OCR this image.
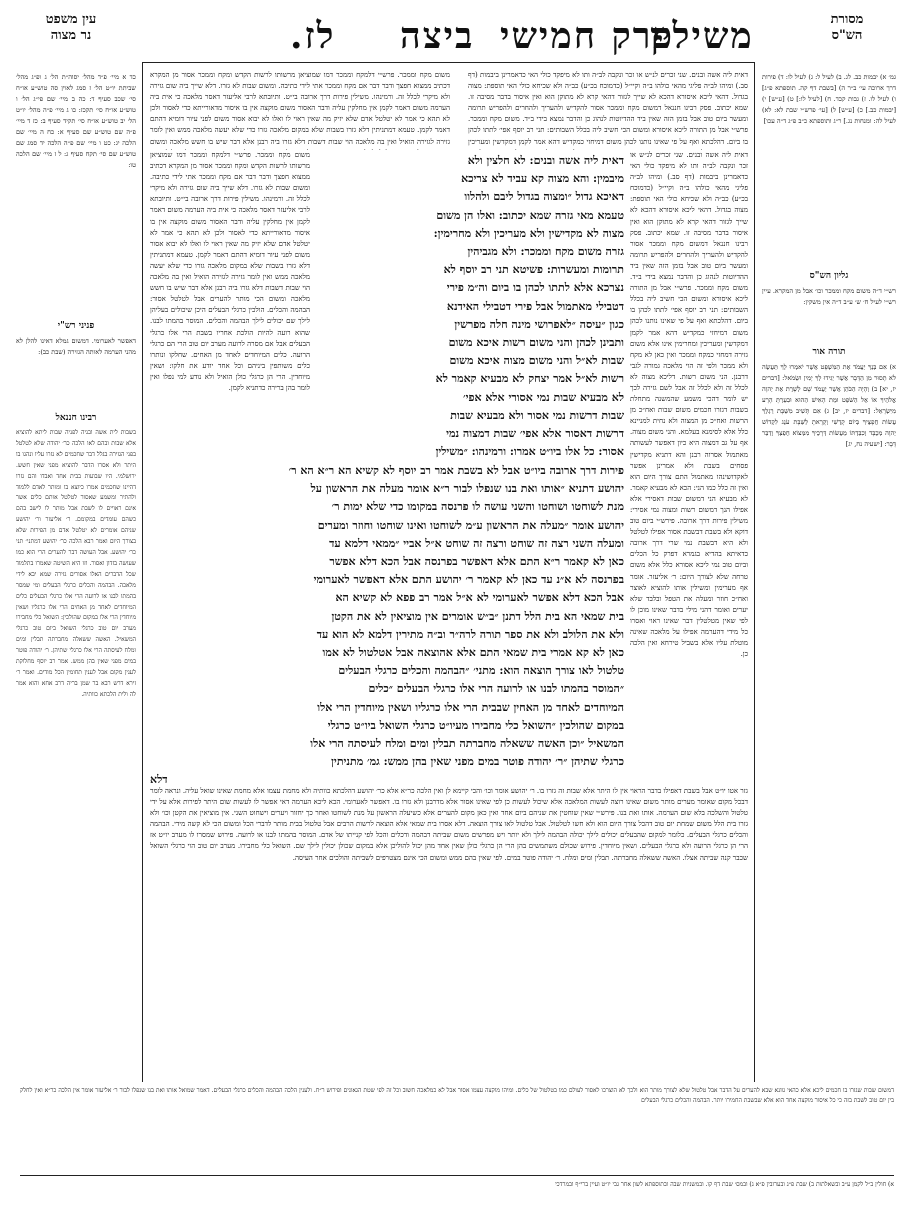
עין משפט
נר מצוה
מסורת
הש"ס
לז. ביצה פרק חמישי
משילין
גמ׳ א) יבמות כב. לג. ב) לעיל ל: ג) לעיל לו: ד) פירות דרך ארוכה עי׳ ב״ר ה) [בשבת דף קה. תוספתא פ״ג] ו) לעיל לו. ז) גבות קכד. ח) [לעיל לו:] ט) [ע״ש] י) [יבמות כב.] כ) [ע״ש] ל) [עי׳ פרש״י שבת לא: לא) לעיל לה: ומנחות נג.] ר״ג ותוספתא כ״ב פ״ג ד״ה עכו]
גליון הש"ס
רש״י ד״ה משום מקח וממכר וכו׳ אבל מן המקרא. עיין רש״י לעיל ח׳ ש׳ ע״ב ד״ה אין משקין:
תורה אור
א) אִם בְּנְךָ יַעֲמֹד אֶת הַמִּשְׁפָּט אֲשֶׁר יֹאמְרוּ לְךָ תַּעֲשֶׂה לֹא תָסוּר מִן הַדָּבָר אֲשֶׁר יַגִּידוּ לְךָ יָמִין וּשְׂמֹאל: [דברים יז, יא] ב) וְהָיָה הַכֹּהֵן אֲשֶׁר יַעֲמֹד שָׁם לְשָׁרֶת אֶת יְהוָה אֱלֹהֶיךָ אוֹ אֶל הַשֹּׁפֵט וּמֵת הָאִישׁ הַהוּא וּבִעַרְתָּ הָרָע מִיִּשְׂרָאֵל: [דברים יז, יב] ג) אִם תָּשִׁיב מִשַּׁבָּת רַגְלֶךָ עֲשׂוֹת חֲפָצֶיךָ בְּיוֹם קָדְשִׁי וְקָרָאתָ לַשַּׁבָּת עֹנֶג לִקְדוֹשׁ יְהוָה מְכֻבָּד וְכִבַּדְתּוֹ מֵעֲשׂוֹת דְּרָכֶיךָ מִמְּצוֹא חֶפְצְךָ וְדַבֵּר דָּבָר: [ישעיה נח, יג]
כד א מיי׳ פ״ד מהל׳ יסוה״ת הל׳ ג ופ״ג מהל׳ שביתת יו״ט הל׳ ז סמג לאוין סה טוש״ע או״ח סי׳ שכב סעיף ד: כה ב מיי׳ שם פי״ג הל׳ ו טוש״ע או״ח סי׳ תקכז: כו ג מיי׳ פ״ה מהל׳ יו״ט הל׳ יב טוש״ע או״ח סי׳ תקיד סעיף ב: כז ד מיי׳ פ״ה שם טוש״ע שם סעיף א: כח ה מיי׳ שם הלכה יג: כט ו מיי׳ שם פ״ה הלכה יד סמג שם טוש״ע שם סי׳ תקח סעיף ג: ל ז מיי׳ שם הלכה טו:
פניני רש"י
דאפשר לאערומי. דמשום גמלא דאינו להלן לא מהני הערמה לאותה הגזירה (שבת כב):
רבינו חננאל
בשבות לית אשה ובניה לפניה שבות ליתא להוציא אלא שבות ובהם לאו הלכה כר׳ יהודה שלא לטלטל בפני הגזירה בגלל דבר שחכמים לא גזרו עליו ונהגו בו היתר ולא אסרו הדבר להוציא מפני שאין חשש. ירושלמי. היו שבועות בבית אחד ואבדו והם גזרו דהיינו שחכמים אמרו כיוצא בו ומותר לאדם ללמוד ולהתיר ומשמע שאסור לטלטל אותם כלים אשר אינם ראויים לו לשבת אבל מותר לו לישב בהם כשהם עומדים במקומם. ר׳ אליעזר ור׳ יהושע שניהם אומרים לא יטלטל אדם מן הפירות שלא בצורך היום ואמר רבא הלכה כר׳ יהושע דמתני׳ תני כר׳ יהושע. אבל העושה דבר להערים הרי הוא כמו שעושה בזדון ואסור. וזו היא השיטה שאמרו בתלמוד שכל הדברים האלו אסורים גזירה שמא יבא לידי מלאכה. הבהמה והכלים כרגלי הבעלים ומי שמסר בהמתו לבנו או לרועה הרי אלו כרגלי הבעלים כלים המיוחדים לאחד מן האחים הרי אלו כרגליו ושאין מיוחדין הרי אלו במקום שהולכין: השואל כלי מחבירו מערב יום טוב כרגלי השואל ביום טוב כרגלי המשאיל. האשה ששאלה מחברתה תבלין ומים ומלח לעיסתה הרי אלו כרגלי שתיהן. ר׳ יהודה פוטר במים מפני שאין בהן ממש. אמר רב יוסף מחלוקת לענין מקום אבל לענין תחומין הכל מודים. ואמר ר׳ זירא דרש רבא בר שמן בריה דרב אחא והוא אמר לה ולית הלכתא כוותיה.
דאית ליה אשה ובנים. שני זכרים לנ״ש או זכר ונקבה לב״ה ותו לא מיפקד כולי האי כדאמרינן ביבמות (דף סב.) ומיהו לב״ה פליגי מהאי כולהו ב״ה וקיי״ל (כדמוכח בכ״ע) כב״ה ולא שכיחא כולי האי תוספת: מצוה בגדול. דהאי ליכא איסורא דהכא לא שייך לגזור דהאי קרא לא מתוקן הוא ואין איסור בדבר מסיבה זו. שמא יכתוב. פסק רבינו חננאל דמשום מקח וממכר אסור להקדיש ולהעריך ולהחרים ולהפריש תרומה ומעשר ביום טוב אבל בזמן הזה שאין ביד ההדיוטות לנהוג כן והדבר נמצא בידי ב״ד. משום מקח וממכר. פרש״י אבל מן התורה ליכא איסורא ומשום הכי חשיב ליה בכלל השבותים: תני רב יוסף אפי׳ לתתו לכהן בו ביום. דהלכתא ואף על פי שאינו נותנו לכהן משום דמיחזי כמקדיש דהא אמר לקמן דמקדשין ומעריכין
דאית ליה אשה ובנים. שני זכרים לנ״ש או זכר ונקבה לב״ה ותו לא מיפקד כולי האי כדאמרינן ביבמות (דף סב.) ומיהו לב״ה פליגי מהאי כולהו ב״ה וקיי״ל (כדמוכח בכ״ע) כב״ה ולא שכיחא כולי האי תוספת: מצוה בגדול. דהאי ליכא איסורא דהכא לא שייך לגזור דהאי קרא לא מתוקן הוא ואין איסור בדבר מסיבה זו. שמא יכתוב. פסק רבינו חננאל דמשום מקח וממכר אסור להקדיש ולהעריך ולהחרים ולהפריש תרומה ומעשר ביום טוב אבל בזמן הזה שאין ביד ההדיוטות לנהוג כן והדבר נמצא בידי ב״ד. משום מקח וממכר. פרש״י אבל מן התורה ליכא איסורא ומשום הכי חשיב ליה בכלל השבותים: תני רב יוסף אפי׳ לתתו לכהן בו ביום. דהלכתא ואף על פי שאינו נותנו לכהן משום דמיחזי כמקדיש דהא אמר לקמן דמקדשין ומעריכין ומחרימין אינו אלא משום גזירה דמחזי כמקח וממכר ואין כאן לא מקח ולא ממכר ולפי זה הוי מלאכה גמורה לגבי דרבנן. הני משום רשות. דליכא מצוה לא לכלל זה ולא לכלל זה אבל לשם גזירה לכך יש לומר דהכי משמע שהמשנה מתחלת בשבות דגזרו חכמים משום שבות ואח״כ מן הרשות ואח״כ מן המצוה ולא נחית למניינא כלל אלא לסימנא בעלמא. והני משום מצוה. אף על גב דמצוה היא כיון דאפשר לעשותה מאתמול אסרוה רבנן והא דתניא מקדישין פסחים בשבת ולא אמרינן אפשר לאקדושינהו מאתמול התם צורך היום הוא ואין זה כלל כמו הני: הכא לא מבעיא קאמר. לא מבעיא הני דמשום שבות דאסירי אלא אפילו הנך דמשום רשות ומצוה נמי אסירי: משילין פירות דרך ארובה. פירש״י ביום טוב דוקא ולא בשבת דבשבת אסור אפילו לטלטל ולא היא דבשבת נמי שרי דרך ארובה כדאיתא בהדיא בגמרא דפרק כל הכלים וביום טוב נמי ליכא אסורא כלל אלא משום טרחה שלא לצורך היום: ר׳ אליעזר. אומר אף מערימין ומשילין אותו להוציא לאוצר ואח״כ חוזר ומעלה את הטפל ובלבד שלא יערים ואומר דהני מילי בדבר שאינו מוכן לו לפי שאין מטלטלין דבר שאינו ראוי ואסרו כל מידי דהערמה אפילו על מלאכה שאינה מוטלת עליו אלא בשביל טירחא ואין הלכה כן.
משום מקח וממכר. פרש״י דלמקח וממכר דמו שמוציאן מרשותו לרשות הקדש ומקח וממכר אסור מן המקרא דכתיב ממצוא חפצך ודבר דבר אם מקח וממכר אתי לידי כתיבה. ומשום שבות לא גזרו. דלא שייך ביה שום גזירה ולא מיקרי לכלל זה. ורמינהו. משילין פירות דרך ארובה בי״ט. ותיובתא לרבי אליעזר דאסר מלאכה כי אית ביה הערמה משום דאמר לקמן אין מחלקין עליה ודבר האסור משום מוקצה אין בו איסור מדאורייתא כדי לאסור ולכן לא תהא כי אמר לא יטלטל אדם שלא יזיק מה שאין ראוי לו ואלו לא יבוא אסור משום לפני עיור דומיא דהתם דאמר לקמן. טעמא דמתניתין דלא גזרו בשבות שלא במקום מלאכה גזרו כדי שלא יעשה מלאכה ממש ואין לומר גזירה לגזירה הואיל ואין בה מלאכה הוי שבות דשבות דלא גזרו ביה רבנן אלא דבר שיש בו חשש מלאכה ומשום
משום מקח וממכר. פרש״י דלמקח וממכר דמו שמוציאן מרשותו לרשות הקדש ומקח וממכר אסור מן המקרא דכתיב ממצוא חפצך ודבר דבר אם מקח וממכר אתי לידי כתיבה. ומשום שבות לא גזרו. דלא שייך ביה שום גזירה ולא מיקרי לכלל זה. ורמינהו. משילין פירות דרך ארובה בי״ט. ותיובתא לרבי אליעזר דאסר מלאכה כי אית ביה הערמה משום דאמר לקמן אין מחלקין עליה ודבר האסור משום מוקצה אין בו איסור מדאורייתא כדי לאסור ולכן לא תהא כי אמר לא יטלטל אדם שלא יזיק מה שאין ראוי לו ואלו לא יבוא אסור משום לפני עיור דומיא דהתם דאמר לקמן. טעמא דמתניתין דלא גזרו בשבות שלא במקום מלאכה גזרו כדי שלא יעשה מלאכה ממש ואין לומר גזירה לגזירה הואיל ואין בה מלאכה הוי שבות דשבות דלא גזרו ביה רבנן אלא דבר שיש בו חשש מלאכה ומשום הכי מותר להערים אבל לטלטל אסור: הבהמה והכלים. הולכין כרגלי הבעלים היכן שיכולים בעליהן לילך שם יכולים לילך הבהמה והכלים. המוסר בהמתו לבנו. שהוא רועה להיות הולכת אחריו בשבת הרי אלו כרגלי הבעלים אבל אם מסרה לרועה מערב יום טוב הרי הם כרגלי הרועה. כלים המיוחדים לאחד מן האחים. שחלקו ונותרו כלים משותפין ביניהם וכל אחד יודע את חלקו: ושאין מיוחדין. הרי הן כרגלי כולן הואיל ולא נודע למי נפלו ואין לומר בהן ברירה כדתניא לקמן.
דאית ליה אשה ובנים: לא חלצין ולא
מיבמין: והא מצוה קא עביד לא צריכא
דאיכא גדול ״ומצוה בגדול ליבם ולהלוו
טעמא מאי גזרה שמא יכתוב: ואלו הן משום
מצוה לא מקדישין ולא מעריכין ולא מחרימין:
גזרה משום מקח וממכר: ולא מגביהין
תרומות ומעשרות: פשיטא תני רב יוסף לא
נצרכא אלא לתתו לכהן בו ביום וה״מ פירי
דטבילי מאתמול אבל פירי דטבילי האידנא
כגון ״עיסה ״לאפרושי מינה חלה מפרשין
ותבינן לכהן והני משום רשות איכא משום
שבות לא״ל והני משום מצוה איכא משום
רשות לא״ל אמר יצחק לא מבעיא קאמר לא
לא מבעיא שבות נמי אסורי אלא אפי׳
שבות דרשות נמי אסור ולא מבעיא שבות
דרשות דאסור אלא אפי׳ שבות דמצוה נמי
אסור: כל אלו ביו״ט אמרו: ורמינהו: ״משילין
פירות דרך ארובה ביו״ט אבל לא בשבת אמר רב יוסף לא קשיא הא ר״א הא ר׳
יהושע דתניא ״אותו ואת בנו שנפלו לבור ר״א אומר מעלה את הראשון על
מנת לשוחטו ושוחטו והשני עושה לו פרנסה במקומו כדי שלא ימות ר׳
יהושע אומר ״מעלה את הראשון ע״מ לשוחטו ואינו שוחטו וחוזר ומערים
ומעלה השני רצה זה שוחט ורצה זה שוחט א״ל אביי ״ממאי דלמא עד
כאן לא קאמר ר״א התם אלא דאפשר בפרנסה אבל הכא דלא אפשר
בפרנסה לא א״נ עד כאן לא קאמר ר׳ יהושע התם אלא דאפשר לאערומי
אבל הכא דלא אפשר לאערומי לא א״ל אמר רב פפא לא קשיא הא
בית שמאי הא בית הלל דתנן ״ב״ש אומרים אין מוציאין לא את הקטן
ולא את הלולב ולא את ספר תורה לרה״ר וב״ה מתירין דלמא לא הוא עד
כאן לא קא אמרי בית שמאי התם אלא אהוצאה אבל אטלטול לא אמו
טלטול לאו צורך הוצאה הוא: מתני׳ ״הבהמה והכלים כרגלי הבעלים
״המוסר בהמתו לבנו או לרועה הרי אלו כרגלי הבעלים ״כלים
המיוחדים לאחד מן האחין שבבית הרי אלו כרגליו ושאין מיוחדין הרי אלו
במקום שהולכין ״השואל כלי מחבירו מעיו״ט כרגלי השואל ביו״ט כרגלי
המשאיל ״וכן האשה ששאלה מחברתה תבלין ומים ומלח לעיסתה הרי אלו
כרגלי שתיהן ״ר׳ יהודה פוטר במים מפני שאין בהן ממש: גמ׳ מתניתין
דלא
גזר אטו יו״ט אבל בשבת דאפילו בדבר הראוי אין לו היתר אלא שבות זה גזרו בו. ר׳ יהושע אומר וכו׳ והכי קיימא לן ואין הלכה כר״א אלא כר׳ יהושע דהלכתא כוותיה ולא מחמת עצמו אלא מחמת שאינו שואל עליה. ונראה לומר דבכל מקום שאומר מערים מותר משום שאינו רוצה לעשות המלאכה אלא שיכול לעשות כן לפי שאינו אסור אלא מדרבנן ולא גזרו בו. דאפשר לאערומי. הכא ליכא הערמה דאי אפשר לו לעשות שום היתר לפירות אלא על ידי טלטול והשלכה בלא שום הערמה. אותו ואת בנו. פירש״י שאין שוחטין את שניהם ביום אחד ואין כאן מקום להערים אלא כשיעלה הראשון על מנת לשוחטו ואחר כך יחזור ויערים וישחוט השני. אין מוציאין את הקטן וכו׳ ולא גזרו בית הלל משום שמחת יום טוב דהכל צורך היום הוא ולא חשו לטלטול. אבל טלטול לאו צורך הוצאה. דלא אסרו בית שמאי אלא הוצאה לרשות הרבים אבל טלטול בבית מותר לדברי הכל ומשום הכי לא קשה מידי. הבהמה והכלים כרגלי הבעלים. כלומר למקום שהבעלים יכולים לילך יכולה הבהמה לילך ולא יותר ויש מפרשים משום שביתה דבהמה ודכלים והכל לפי קנייתו של אדם. המוסר בהמתו לבנו או לרועה. פירוש שמסרו לו מערב יו״ט אז הרי הן כרגלי הרועה ולא כרגלי הבעלים. ושאין מיוחדין. פירוש שכולם משתמשים בהן הרי הן כרגלי כולן שאין אחד מהן יכול להוליכן אלא במקום שכולן יכולין לילך שם. השואל כלי מחבירו. מערב יום טוב הוי כרגלי השואל שכבר קנה שביתה אצלו. האשה ששאלה מחברתה. תבלין ומים ומלח. ר׳ יהודה פוטר במים. לפי שאין בהם ממש ומשום הכי אינם מצטרפים לשביתה והולכים אחר העיסה.
דמשום שבות שגזרו בו חכמים ליכא אלא כהאי גוונא שבא להערים על הדבר אבל טלטול שלא לצורך מותר הוא ולכך לא הוצרכו לאסור לעולם כמו בטלטול של כלים. ומיהו מוקצה עצמו אסור אבל לא כמלאכה חשוב וכל זה לפי שטת הגאונים ופירוש ר״ח. ולענין הלכה הבהמה והכלים כרגלי הבעלים. דאמר שמואל אותו ואת בנו שנפלו לבור ר׳ אליעזר אומר אין הלכה כר״א ואין לחלק בין יום טוב לשבת בזה כי כל איסור מוקצה אחד הוא אלא שבשבת החמירו יותר. הבהמה והכלים כרגלי הבעלים
א) חולין ב״ל לקמן ע״ב ובשאלתות ב) שבת פ״ג ובערובין פ״א ג) ובמס׳ שבת דף קו. ובמשניות שבה ובתוספתא לשון אחר גבי יו״ט ועיין ברי״ף ובמרדכי
